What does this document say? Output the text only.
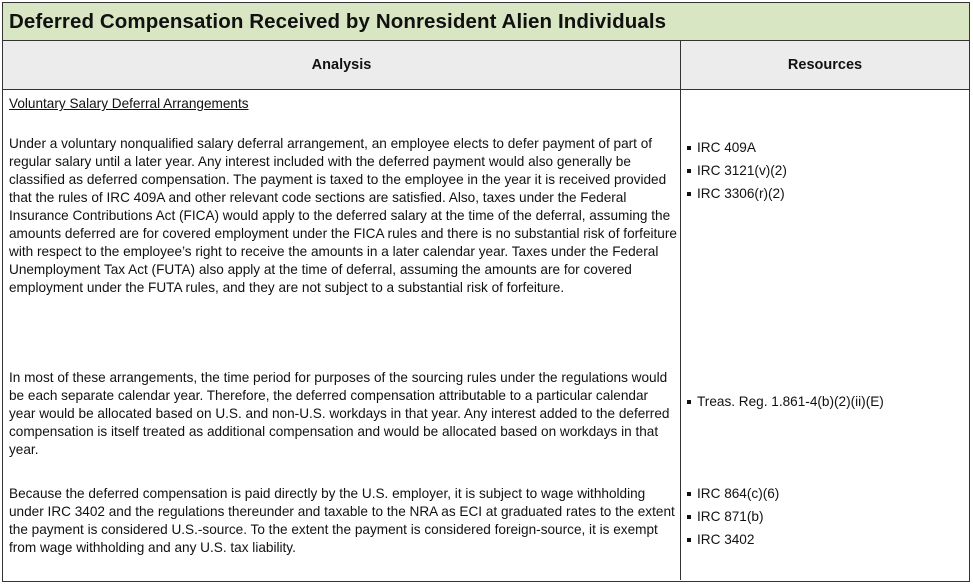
Deferred Compensation Received by Nonresident Alien Individuals
Analysis	Resources

Voluntary Salary Deferral Arrangements

Under a voluntary nonqualified salary deferral arrangement, an employee elects to defer payment of part of regular salary until a later year. Any interest included with the deferred payment would also generally be classified as deferred compensation. The payment is taxed to the employee in the year it is received provided that the rules of IRC 409A and other relevant code sections are satisfied. Also, taxes under the Federal Insurance Contributions Act (FICA) would apply to the deferred salary at the time of the deferral, assuming the amounts deferred are for covered employment under the FICA rules and there is no substantial risk of forfeiture with respect to the employee’s right to receive the amounts in a later calendar year. Taxes under the Federal Unemployment Tax Act (FUTA) also apply at the time of deferral, assuming the amounts are for covered employment under the FUTA rules, and they are not subject to a substantial risk of forfeiture.

In most of these arrangements, the time period for purposes of the sourcing rules under the regulations would be each separate calendar year. Therefore, the deferred compensation attributable to a particular calendar year would be allocated based on U.S. and non-U.S. workdays in that year. Any interest added to the deferred compensation is itself treated as additional compensation and would be allocated based on workdays in that year.

Because the deferred compensation is paid directly by the U.S. employer, it is subject to wage withholding under IRC 3402 and the regulations thereunder and taxable to the NRA as ECI at graduated rates to the extent the payment is considered U.S.-source. To the extent the payment is considered foreign-source, it is exempt from wage withholding and any U.S. tax liability.

IRC 409A
IRC 3121(v)(2)
IRC 3306(r)(2)
Treas. Reg. 1.861-4(b)(2)(ii)(E)
IRC 864(c)(6)
IRC 871(b)
IRC 3402
